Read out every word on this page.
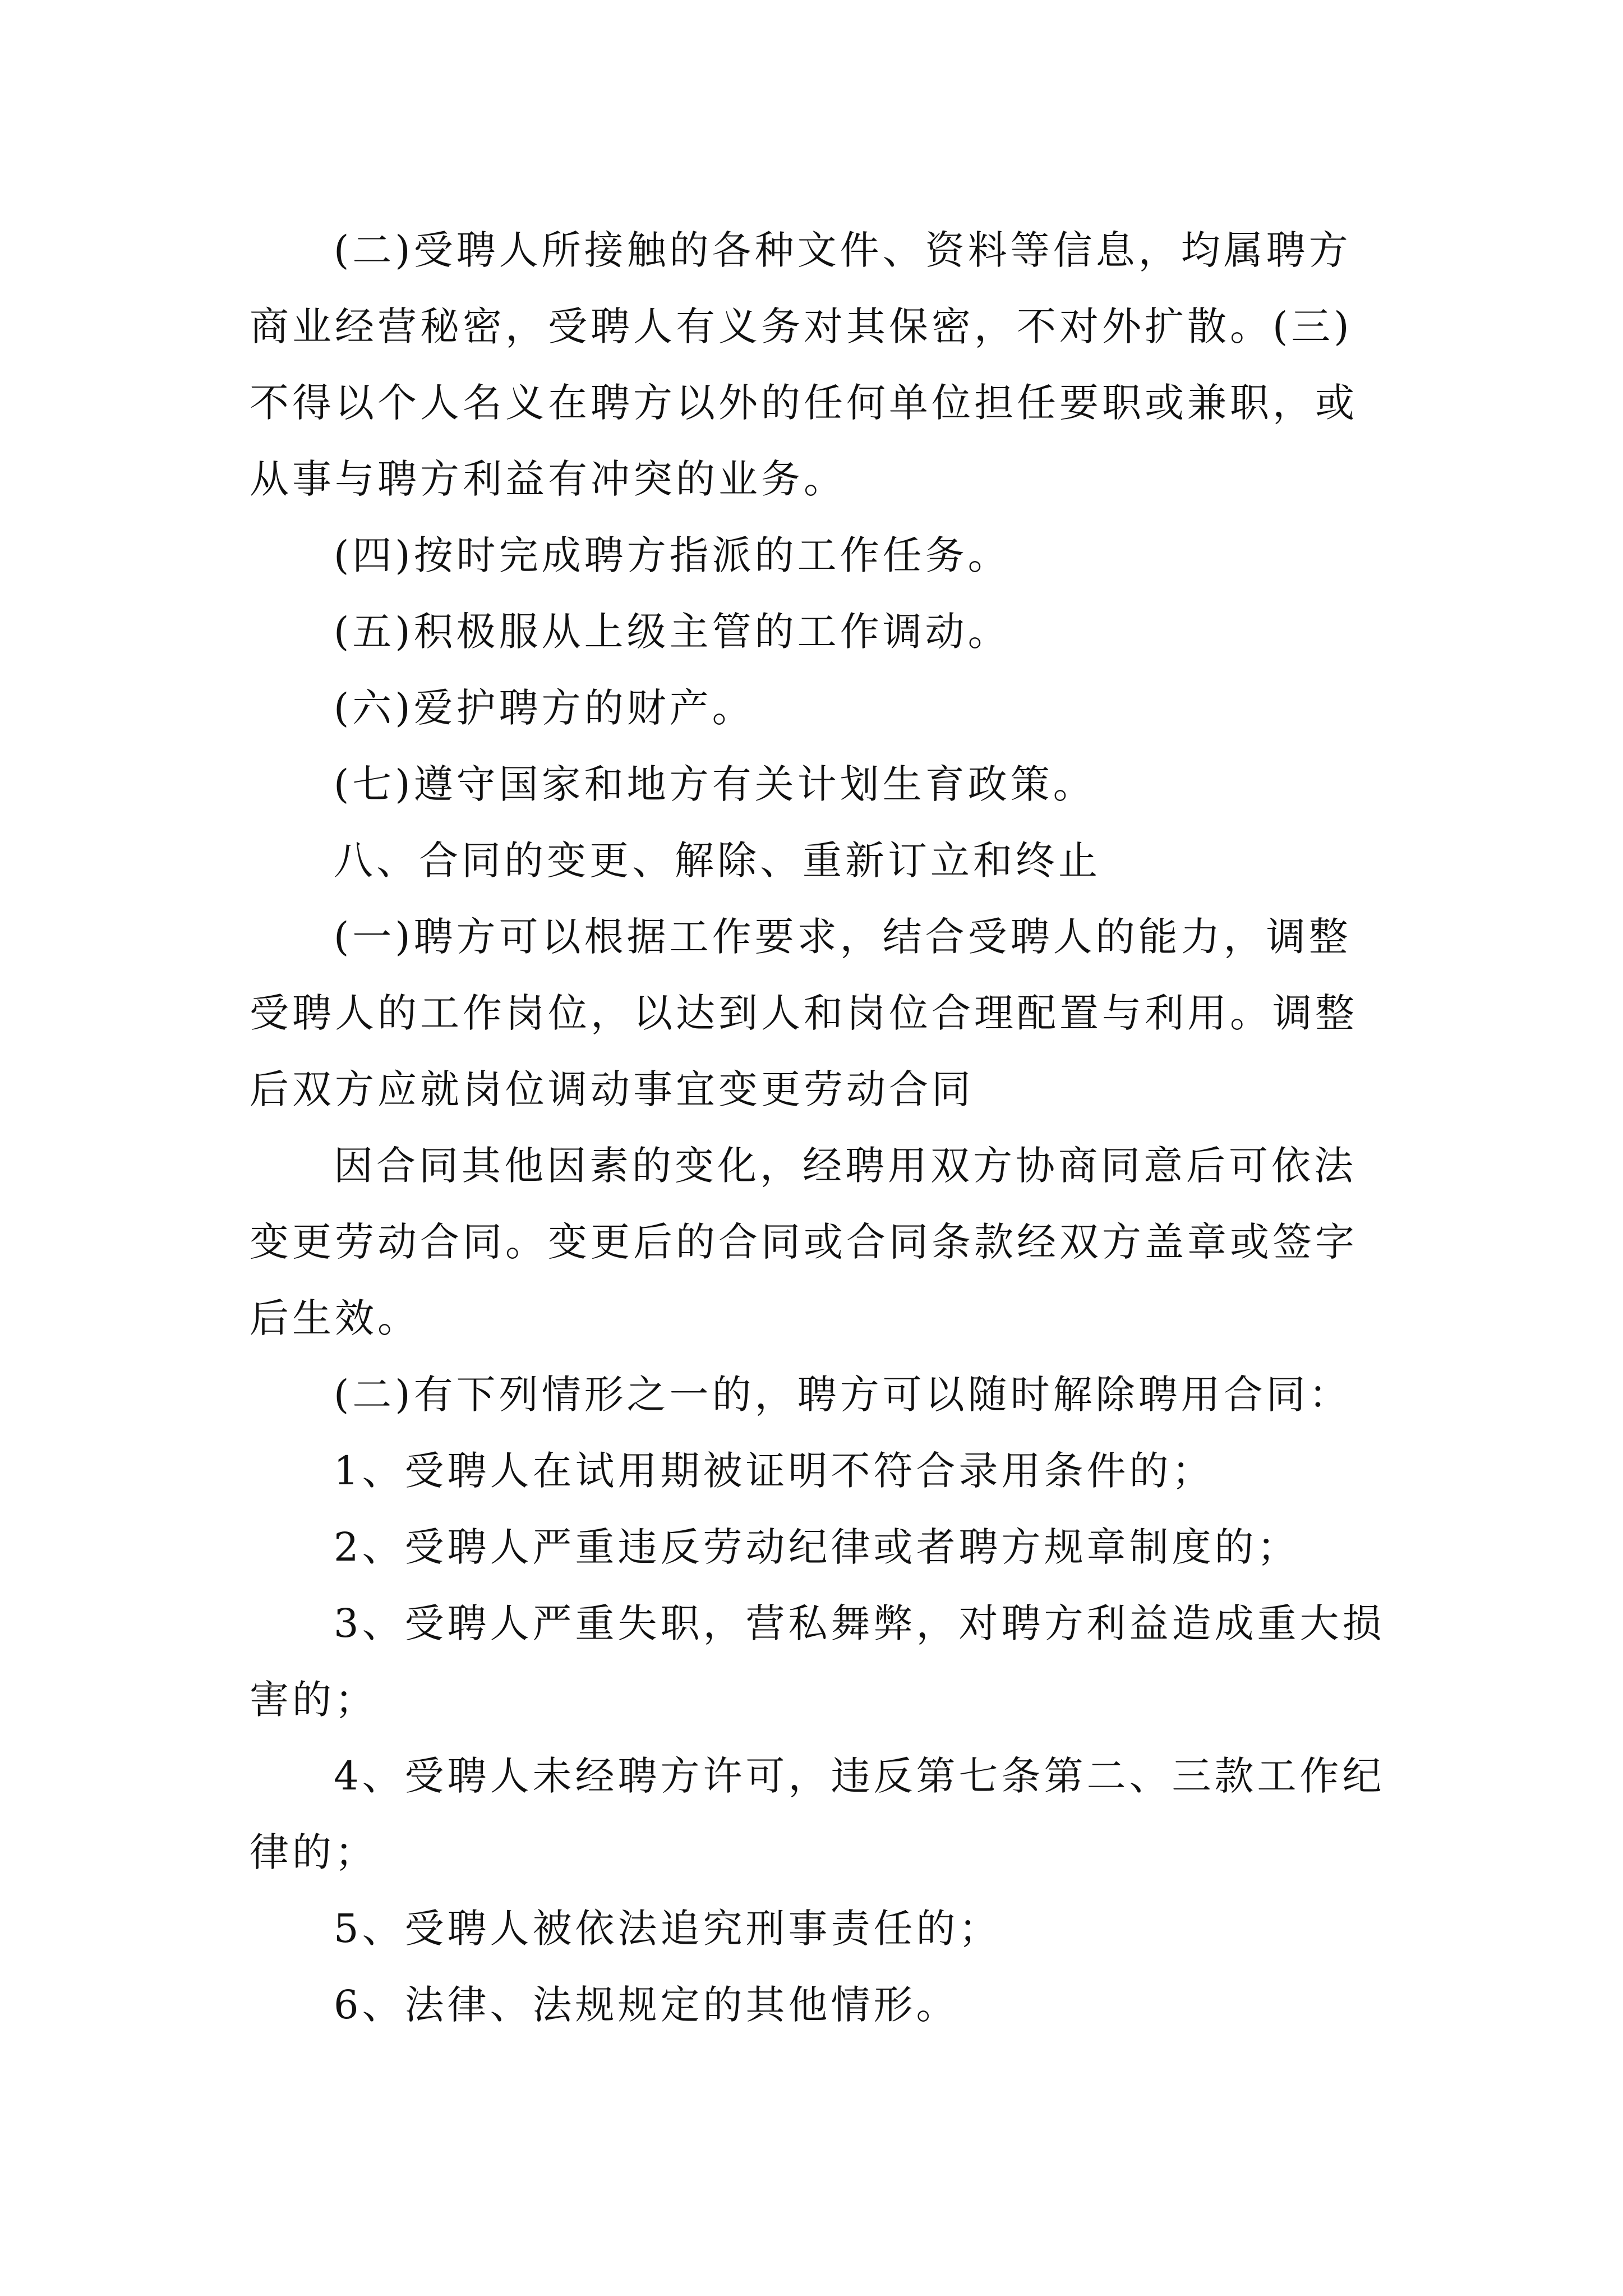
(二)受聘人所接触的各种文件、资料等信息，均属聘方商业经营秘密，受聘人有义务对其保密，不对外扩散。(三)不得以个人名义在聘方以外的任何单位担任要职或兼职，或从事与聘方利益有冲突的业务。

(四)按时完成聘方指派的工作任务。

(五)积极服从上级主管的工作调动。

(六)爱护聘方的财产。

(七)遵守国家和地方有关计划生育政策。

八、合同的变更、解除、重新订立和终止

(一)聘方可以根据工作要求，结合受聘人的能力，调整受聘人的工作岗位，以达到人和岗位合理配置与利用。调整后双方应就岗位调动事宜变更劳动合同

因合同其他因素的变化，经聘用双方协商同意后可依法变更劳动合同。变更后的合同或合同条款经双方盖章或签字后生效。

(二)有下列情形之一的，聘方可以随时解除聘用合同：

1、受聘人在试用期被证明不符合录用条件的；

2、受聘人严重违反劳动纪律或者聘方规章制度的；

3、受聘人严重失职，营私舞弊，对聘方利益造成重大损害的；

4、受聘人未经聘方许可，违反第七条第二、三款工作纪律的；

5、受聘人被依法追究刑事责任的；

6、法律、法规规定的其他情形。
